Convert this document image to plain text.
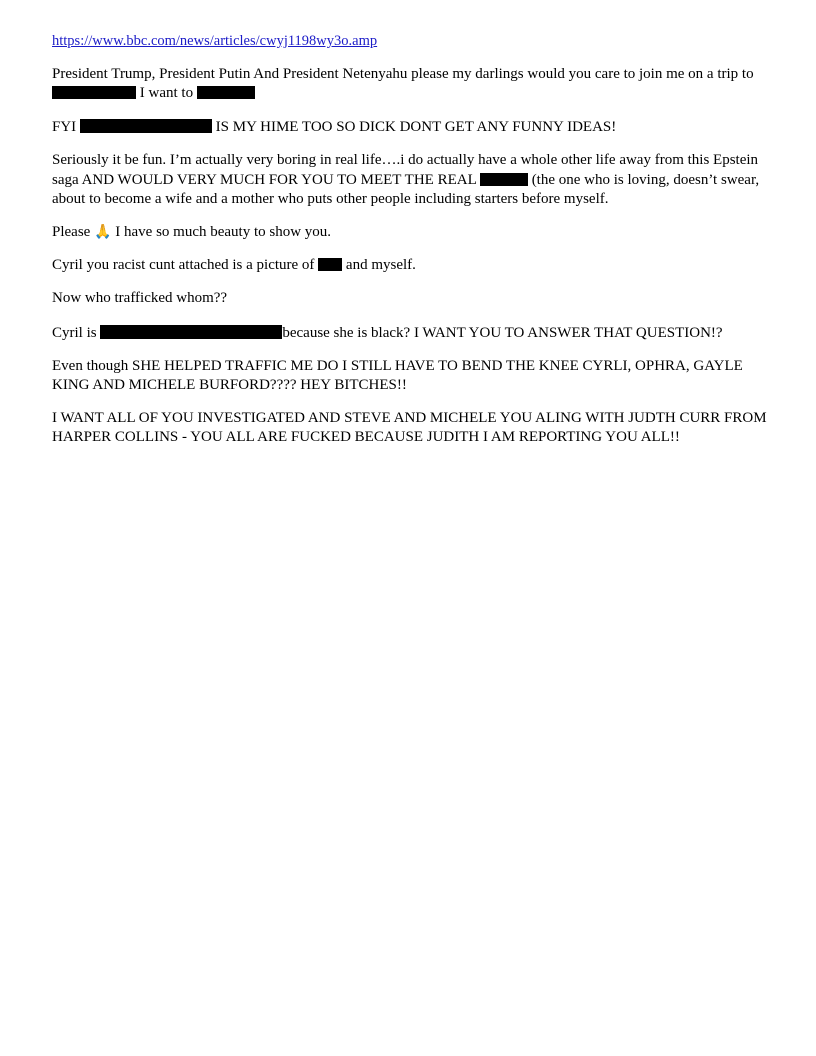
https://www.bbc.com/news/articles/cwyj1198wy3o.amp

President Trump, President Putin And President Netenyahu please my darlings would you care to join me on a trip to  I want to

FYI	IS MY HIME TOO SO DICK DONT GET ANY FUNNY IDEAS!

Seriously it be fun. I’m actually very boring in real life….i do actually have a whole other life away from this Epstein saga AND WOULD VERY MUCH FOR YOU TO MEET THE REAL	(the one who is loving, doesn’t swear, about to become a wife and a mother who puts other people including starters before myself.

Please 🙏 I have so much beauty to show you.

Cyril you racist cunt attached is a picture of  and myself.

Now who trafficked whom??

Cyril is	because she is black? I WANT YOU TO ANSWER THAT QUESTION!?

Even though SHE HELPED TRAFFIC ME DO I STILL HAVE TO BEND THE KNEE CYRLI, OPHRA, GAYLE KING AND MICHELE BURFORD???? HEY BITCHES!!

I WANT ALL OF YOU INVESTIGATED AND STEVE AND MICHELE YOU ALING WITH JUDTH CURR FROM HARPER COLLINS - YOU ALL ARE FUCKED BECAUSE JUDITH I AM REPORTING YOU ALL!!
